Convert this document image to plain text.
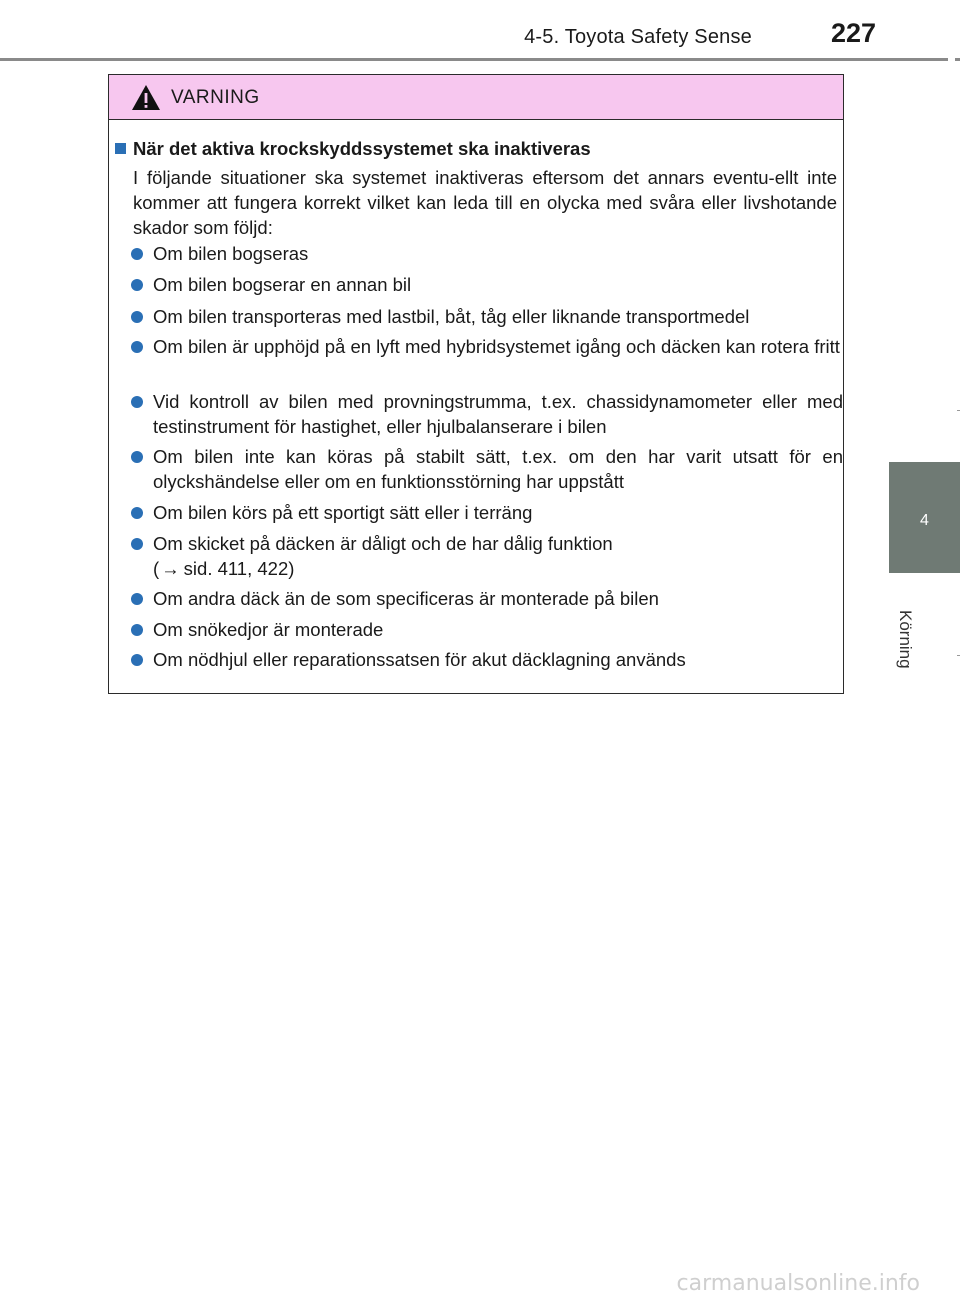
4-5. Toyota Safety Sense	227
4
Körning
VARNING
När det aktiva krockskyddssystemet ska inaktiveras
I följande situationer ska systemet inaktiveras eftersom det annars eventu-ellt inte kommer att fungera korrekt vilket kan leda till en olycka med svåra eller livshotande skador som följd:
Om bilen bogseras
Om bilen bogserar en annan bil
Om bilen transporteras med lastbil, båt, tåg eller liknande transportmedel
Om bilen är upphöjd på en lyft med hybridsystemet igång och däcken kan rotera fritt
Vid kontroll av bilen med provningstrumma, t.ex. chassidynamometer eller med testinstrument för hastighet, eller hjulbalanserare i bilen
Om bilen inte kan köras på stabilt sätt, t.ex. om den har varit utsatt för en olyckshändelse eller om en funktionsstörning har uppstått
Om bilen körs på ett sportigt sätt eller i terräng
Om skicket på däcken är dåligt och de har dålig funktion
( → sid. 411, 422)
Om andra däck än de som specificeras är monterade på bilen
Om snökedjor är monterade
Om nödhjul eller reparationssatsen för akut däcklagning används
carmanualsonline.info
